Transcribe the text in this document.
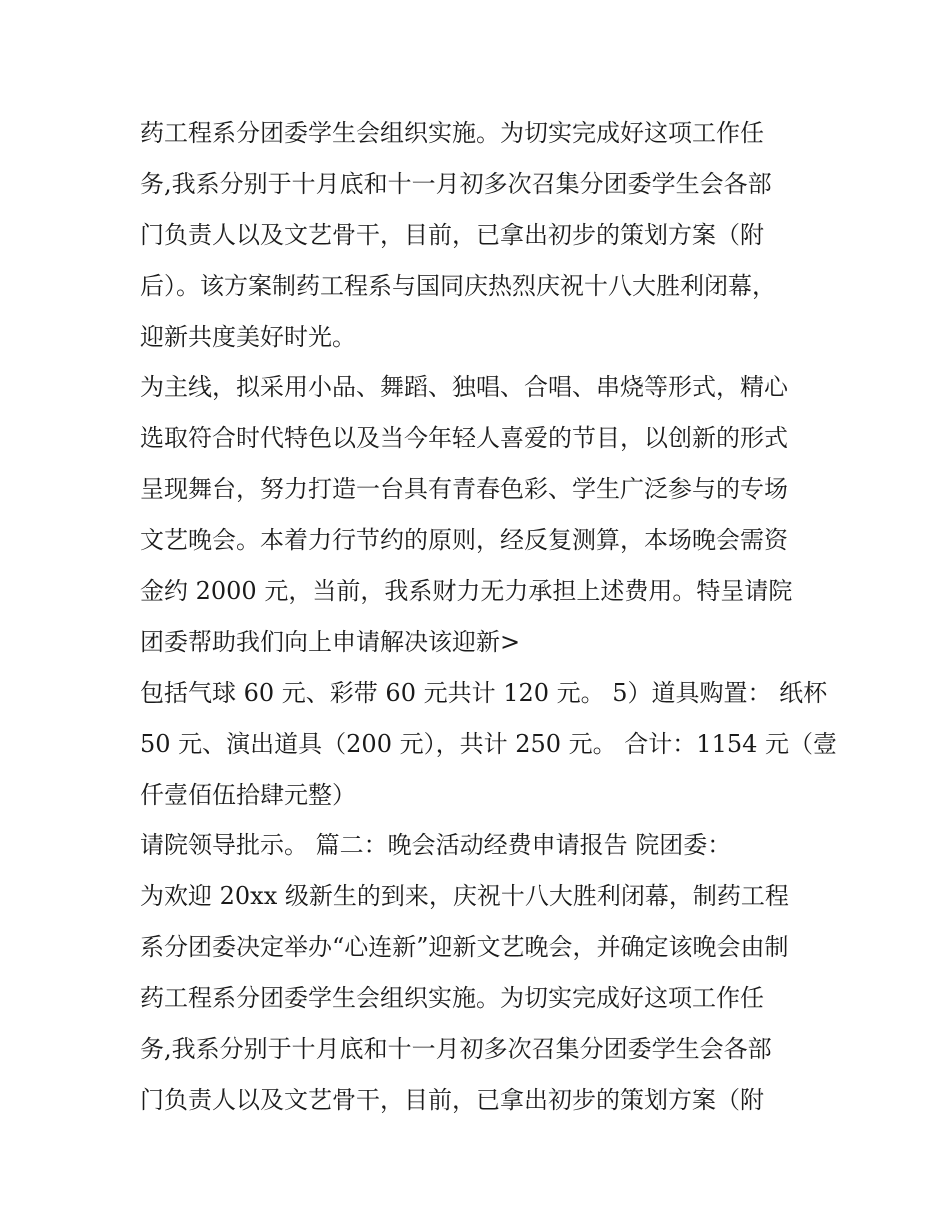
药工程系分团委学生会组织实施。为切实完成好这项工作任
务,我系分别于十月底和十一月初多次召集分团委学生会各部
门负责人以及文艺骨干，目前，已拿出初步的策划方案（附
后）。该方案制药工程系与国同庆热烈庆祝十八大胜利闭幕，
迎新共度美好时光。
为主线，拟采用小品、舞蹈、独唱、合唱、串烧等形式，精心
选取符合时代特色以及当今年轻人喜爱的节目，以创新的形式
呈现舞台，努力打造一台具有青春色彩、学生广泛参与的专场
文艺晚会。本着力行节约的原则，经反复测算，本场晚会需资
金约 2000 元，当前，我系财力无力承担上述费用。特呈请院
团委帮助我们向上申请解决该迎新>
包括气球 60 元、彩带 60 元共计 120 元。 5）道具购置： 纸杯
50 元、演出道具（200 元），共计 250 元。 合计：1154 元（壹
仟壹佰伍拾肆元整）
请院领导批示。 篇二：晚会活动经费申请报告 院团委：
为欢迎 20xx 级新生的到来，庆祝十八大胜利闭幕，制药工程
系分团委决定举办“心连新”迎新文艺晚会，并确定该晚会由制
药工程系分团委学生会组织实施。为切实完成好这项工作任
务,我系分别于十月底和十一月初多次召集分团委学生会各部
门负责人以及文艺骨干，目前，已拿出初步的策划方案（附
